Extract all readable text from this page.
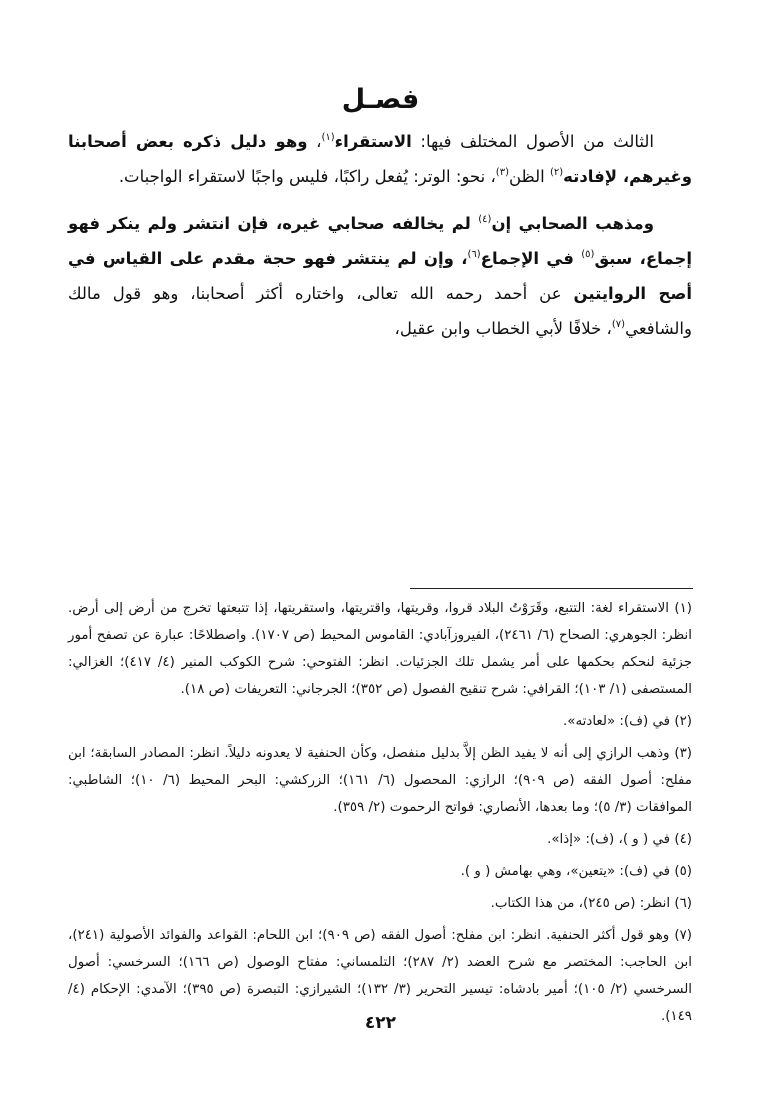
فصـل

الثالث من الأصول المختلف فيها: الاستقراء$^{(١)}$، وهو دليل ذكره بعض أصحابنا وغيرهم، لإفادته$^{(٢)}$ الظن$^{(٣)}$، نحو: الوتر: يُفعل راكبًا، فليس واجبًا لاستقراء الواجبات.

ومذهب الصحابي إن$^{(٤)}$ لم يخالفه صحابي غيره، فإن انتشر ولم ينكر فهو إجماع، سبق$^{(٥)}$ في الإجماع$^{(٦)}$، وإن لم ينتشر فهو حجة مقدم على القياس في أصح الروايتين عن أحمد رحمه الله تعالى، واختاره أكثر أصحابنا، وهو قول مالك والشافعي$^{(٧)}$، خلافًا لأبي الخطاب وابن عقيل،

(١) الاستقراء لغة: التتبع، وقَرَوْتُ البلاد قروا، وقريتها، واقتريتها، واستقريتها، إذا تتبعتها تخرج من أرض إلى أرض. انظر: الجوهري: الصحاح (٦/ ٢٤٦١)، الفيروزآبادي: القاموس المحيط (ص ١٧٠٧). واصطلاحًا: عبارة عن تصفح أمور جزئية لنحكم بحكمها على أمر يشمل تلك الجزئيات. انظر: الفتوحي: شرح الكوكب المنير (٤/ ٤١٧)؛ الغزالي: المستصفى (١/ ١٠٣)؛ القرافي: شرح تنقيح الفصول (ص ٣٥٢)؛ الجرجاني: التعريفات (ص ١٨).

(٢) في (ف): «لعادته».

(٣) وذهب الرازي إلى أنه لا يفيد الظن إلاَّ بدليل منفصل، وكأن الحنفية لا يعدونه دليلاً. انظر: المصادر السابقة؛ ابن مفلح: أصول الفقه (ص ٩٠٩)؛ الرازي: المحصول (٦/ ١٦١)؛ الزركشي: البحر المحيط (٦/ ١٠)؛ الشاطبي: الموافقات (٣/ ٥)؛ وما بعدها، الأنصاري: فواتح الرحموت (٢/ ٣٥٩).

(٤) في ( و )، (ف): «إذا».

(٥) في (ف): «يتعين»، وهي بهامش ( و ).

(٦) انظر: (ص ٢٤٥)، من هذا الكتاب.

(٧) وهو قول أكثر الحنفية. انظر: ابن مفلح: أصول الفقه (ص ٩٠٩)؛ ابن اللحام: القواعد والفوائد الأصولية (٢٤١)، ابن الحاجب: المختصر مع شرح العضد (٢/ ٢٨٧)؛ التلمساني: مفتاح الوصول (ص ١٦٦)؛ السرخسي: أصول السرخسي (٢/ ١٠٥)؛ أمير بادشاه: تيسير التحرير (٣/ ١٣٢)؛ الشيرازي: التبصرة (ص ٣٩٥)؛ الآمدي: الإحكام (٤/ ١٤٩).

٤٢٢
